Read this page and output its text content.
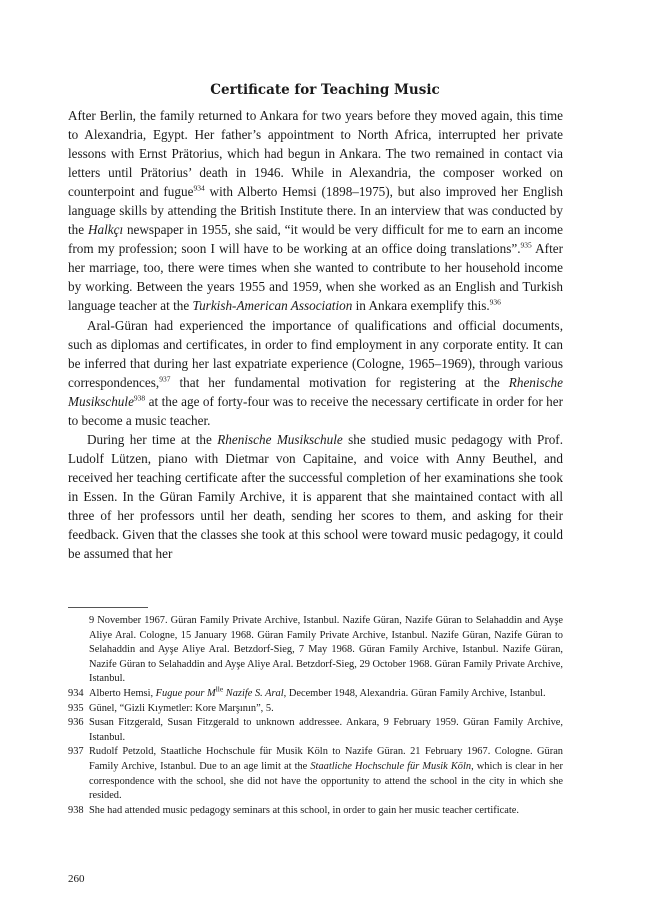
Certificate for Teaching Music

After Berlin, the family returned to Ankara for two years before they moved again, this time to Alexandria, Egypt. Her father’s appointment to North Africa, interrupted her private lessons with Ernst Prätorius, which had begun in Ankara. The two remained in contact via letters until Prätorius’ death in 1946. While in Alexandria, the composer worked on counterpoint and fugue$^{934}$ with Alberto Hemsi (1898–1975), but also improved her English language skills by attending the British Institute there. In an interview that was conducted by the Halkçı newspaper in 1955, she said, “it would be very difficult for me to earn an income from my profession; soon I will have to be working at an office doing translations”.$^{935}$ After her marriage, too, there were times when she wanted to contribute to her household income by working. Between the years 1955 and 1959, when she worked as an English and Turkish language teacher at the Turkish-American Association in Ankara exemplify this.$^{936}$

Aral-Güran had experienced the importance of qualifications and official documents, such as diplomas and certificates, in order to find employment in any corporate entity. It can be inferred that during her last expatriate experience (Cologne, 1965–1969), through various correspondences,$^{937}$ that her fundamental motivation for registering at the Rhenische Musikschule$^{938}$ at the age of forty-four was to receive the necessary certificate in order for her to become a music teacher.

During her time at the Rhenische Musikschule she studied music pedagogy with Prof. Ludolf Lützen, piano with Dietmar von Capitaine, and voice with Anny Beuthel, and received her teaching certificate after the successful completion of her examinations she took in Essen. In the Güran Family Archive, it is apparent that she maintained contact with all three of her professors until her death, sending her scores to them, and asking for their feedback. Given that the classes she took at this school were toward music pedagogy, it could be assumed that her

9 November 1967. Güran Family Private Archive, Istanbul. Nazife Güran, Nazife Güran to Selahaddin and Ayşe Aliye Aral. Cologne, 15 January 1968. Güran Family Private Archive, Istanbul. Nazife Güran, Nazife Güran to Selahaddin and Ayşe Aliye Aral. Betzdorf-Sieg, 7 May 1968. Güran Family Archive, Istanbul. Nazife Güran, Nazife Güran to Selahaddin and Ayşe Aliye Aral. Betzdorf-Sieg, 29 October 1968. Güran Family Private Archive, Istanbul.
934 Alberto Hemsi, Fugue pour $M^{lle}$ Nazife S. Aral, December 1948, Alexandria. Güran Family Archive, Istanbul.
935 Günel, “Gizli Kıymetler: Kore Marşının”, 5.
936 Susan Fitzgerald, Susan Fitzgerald to unknown addressee. Ankara, 9 February 1959. Güran Family Archive, Istanbul.
937 Rudolf Petzold, Staatliche Hochschule für Musik Köln to Nazife Güran. 21 February 1967. Cologne. Güran Family Archive, Istanbul. Due to an age limit at the Staatliche Hochschule für Musik Köln, which is clear in her correspondence with the school, she did not have the opportunity to attend the school in the city in which she resided.
938 She had attended music pedagogy seminars at this school, in order to gain her music teacher certificate.
260
